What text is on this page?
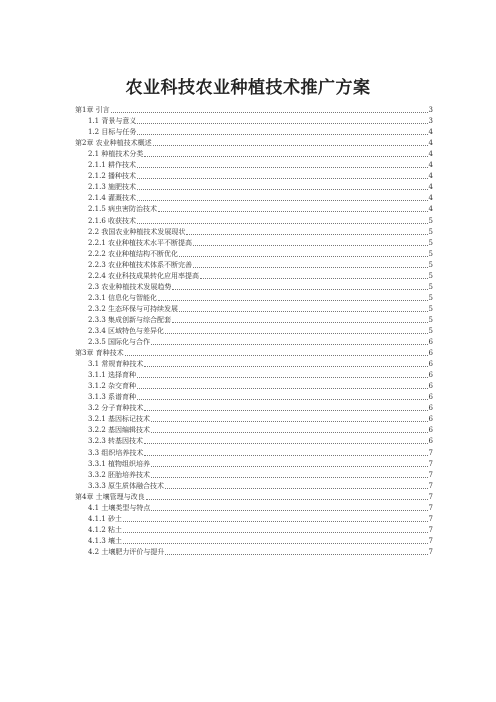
农业科技农业种植技术推广方案
第1章 引言	3
1.1 背景与意义	3
1.2 目标与任务	4
第2章 农业种植技术概述	4
2.1 种植技术分类	4
2.1.1 耕作技术	4
2.1.2 播种技术	4
2.1.3 施肥技术	4
2.1.4 灌溉技术	4
2.1.5 病虫害防治技术	4
2.1.6 收获技术	5
2.2 我国农业种植技术发展现状	5
2.2.1 农业种植技术水平不断提高	5
2.2.2 农业种植结构不断优化	5
2.2.3 农业种植技术体系不断完善	5
2.2.4 农业科技成果转化应用率提高	5
2.3 农业种植技术发展趋势	5
2.3.1 信息化与智能化	5
2.3.2 生态环保与可持续发展	5
2.3.3 集成创新与综合配套	5
2.3.4 区域特色与差异化	5
2.3.5 国际化与合作	6
第3章 育种技术	6
3.1 常规育种技术	6
3.1.1 选择育种	6
3.1.2 杂交育种	6
3.1.3 系谱育种	6
3.2 分子育种技术	6
3.2.1 基因标记技术	6
3.2.2 基因编辑技术	6
3.2.3 转基因技术	6
3.3 组织培养技术	7
3.3.1 植物组织培养	7
3.3.2 胚胎培养技术	7
3.3.3 原生质体融合技术	7
第4章 土壤管理与改良	7
4.1 土壤类型与特点	7
4.1.1 砂土	7
4.1.2 粘土	7
4.1.3 壤土	7
4.2 土壤肥力评价与提升	7
